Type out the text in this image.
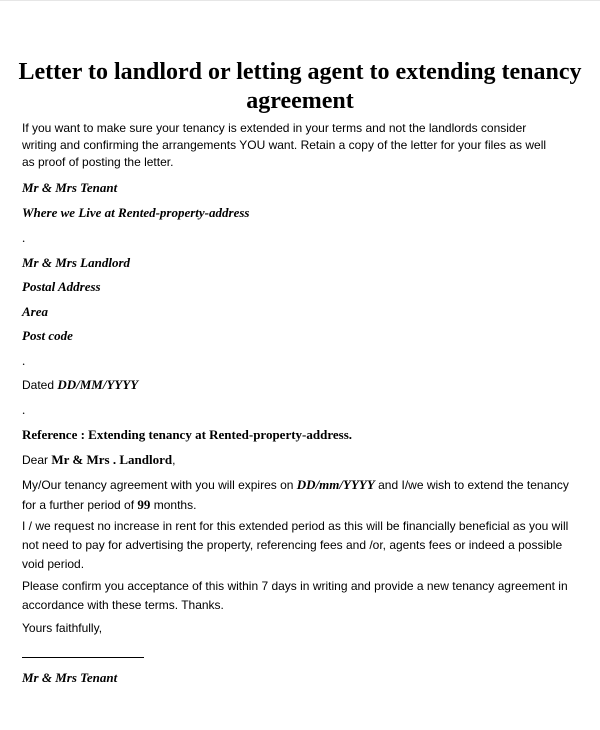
Letter to landlord or letting agent to extending tenancy agreement

If you want to make sure your tenancy is extended in your terms and not the landlords consider writing and confirming the arrangements YOU want. Retain a copy of the letter for your files as well as proof of posting the letter.

Mr & Mrs Tenant

Where we Live at Rented-property-address

.

Mr & Mrs Landlord

Postal Address

Area

Post code

.

Dated DD/MM/YYYY

.

Reference : Extending tenancy at Rented-property-address.

Dear Mr & Mrs . Landlord,

My/Our tenancy agreement with you will expires on DD/mm/YYYY and I/we wish to extend the tenancy for a further period of 99 months.

I / we request no increase in rent for this extended period as this will be financially beneficial as you will not need to pay for advertising the property, referencing fees and /or, agents fees or indeed a possible void period.

Please confirm you acceptance of this within 7 days in writing and provide a new tenancy agreement in accordance with these terms. Thanks.

Yours faithfully,

Mr & Mrs Tenant
